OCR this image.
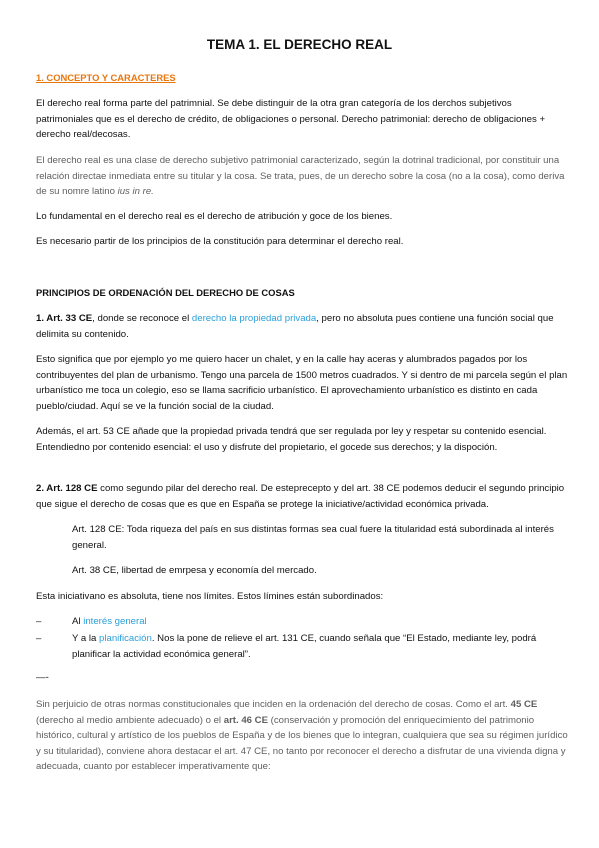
TEMA 1. EL DERECHO REAL

1. CONCEPTO Y CARACTERES

El derecho real forma parte del patrimnial. Se debe distinguir de la otra gran categoría de los derchos subjetivos patrimoniales que es el derecho de crédito, de obligaciones o personal. Derecho patrimonial: derecho de obligaciones + derecho real/decosas.

El derecho real es una clase de derecho subjetivo patrimonial caracterizado, según la dotrinal tradicional, por constituir una relación directae inmediata entre su titular y la cosa. Se trata, pues, de un derecho sobre la cosa (no a la cosa), como deriva de su nomre latino ius in re.

Lo fundamental en el derecho real es el derecho de atribución y goce de los bienes.

Es necesario partir de los principios de la constitución para determinar el derecho real.

PRINCIPIOS DE ORDENACIÓN DEL DERECHO DE COSAS

1. Art. 33 CE, donde se reconoce el derecho la propiedad privada, pero no absoluta pues contiene una función social que delimita su contenido.

Esto significa que por ejemplo yo me quiero hacer un chalet, y en la calle hay aceras y alumbrados pagados por los contribuyentes del plan de urbanismo. Tengo una parcela de 1500 metros cuadrados. Y si dentro de mi parcela según el plan urbanístico me toca un colegio, eso se llama sacrificio urbanístico. El aprovechamiento urbanístico es distinto en cada pueblo/ciudad. Aquí se ve la función social de la ciudad.

Además, el art. 53 CE añade que la propiedad privada tendrá que ser regulada por ley y respetar su contenido esencial. Entendiedno por contenido esencial: el uso y disfrute del propietario, el gocede sus derechos; y la dispoción.

2. Art. 128 CE como segundo pilar del derecho real. De esteprecepto y del art. 38 CE podemos deducir el segundo principio que sigue el derecho de cosas que es que en España se protege la iniciative/actividad económica privada.

Art. 128 CE: Toda riqueza del país en sus distintas formas sea cual fuere la titularidad está subordinada al interés general.

Art. 38 CE, libertad de emrpesa y economía del mercado.

Esta iniciativano es absoluta, tiene nos límites. Estos límines están subordinados:

–	Al interés general
–	Y a la planificación. Nos la pone de relieve el art. 131 CE, cuando señala que “El Estado, mediante ley, podrá planificar la actividad económica general”.

—-

Sin perjuicio de otras normas constitucionales que inciden en la ordenación del derecho de cosas. Como el art. 45 CE (derecho al medio ambiente adecuado) o el art. 46 CE (conservación y promoción del enriquecimiento del patrimonio histórico, cultural y artístico de los pueblos de España y de los bienes que lo integran, cualquiera que sea su régimen jurídico y su titularidad), conviene ahora destacar el art. 47 CE, no tanto por reconocer el derecho a disfrutar de una vivienda digna y adecuada, cuanto por establecer imperativamente que:
